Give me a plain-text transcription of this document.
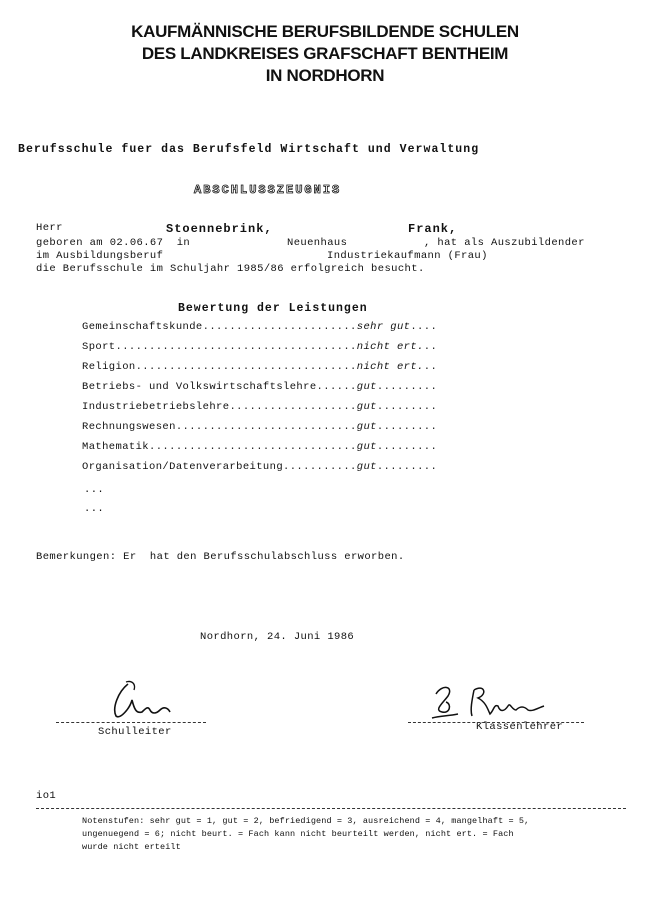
KAUFMÄNNISCHE BERUFSBILDENDE SCHULEN
DES LANDKREISES GRAFSCHAFT BENTHEIM
IN NORDHORN
Berufsschule fuer das Berufsfeld Wirtschaft und Verwaltung
ABSCHLUSSZEUGNIS
Herr	Stoennebrink,	Frank,
geboren am 02.06.67  in	Neuenhaus	, hat als Auszubildender
im Ausbildungsberuf	Industriekaufmann (Frau)
die Berufsschule im Schuljahr 1985/86 erfolgreich besucht.
Bewertung der Leistungen
Gemeinschaftskunde.......................sehr gut....
Sport....................................nicht ert...
Religion.................................nicht ert...
Betriebs- und Volkswirtschaftslehre......gut.........
Industriebetriebslehre...................gut.........
Rechnungswesen...........................gut.........
Mathematik...............................gut.........
Organisation/Datenverarbeitung...........gut.........
...
...
Bemerkungen: Er  hat den Berufsschulabschluss erworben.
Nordhorn, 24. Juni 1986
Schulleiter	Klassenlehrer
io1
Notenstufen: sehr gut = 1, gut = 2, befriedigend = 3, ausreichend = 4, mangelhaft = 5,
ungenuegend = 6; nicht beurt. = Fach kann nicht beurteilt werden, nicht ert. = Fach
wurde nicht erteilt
